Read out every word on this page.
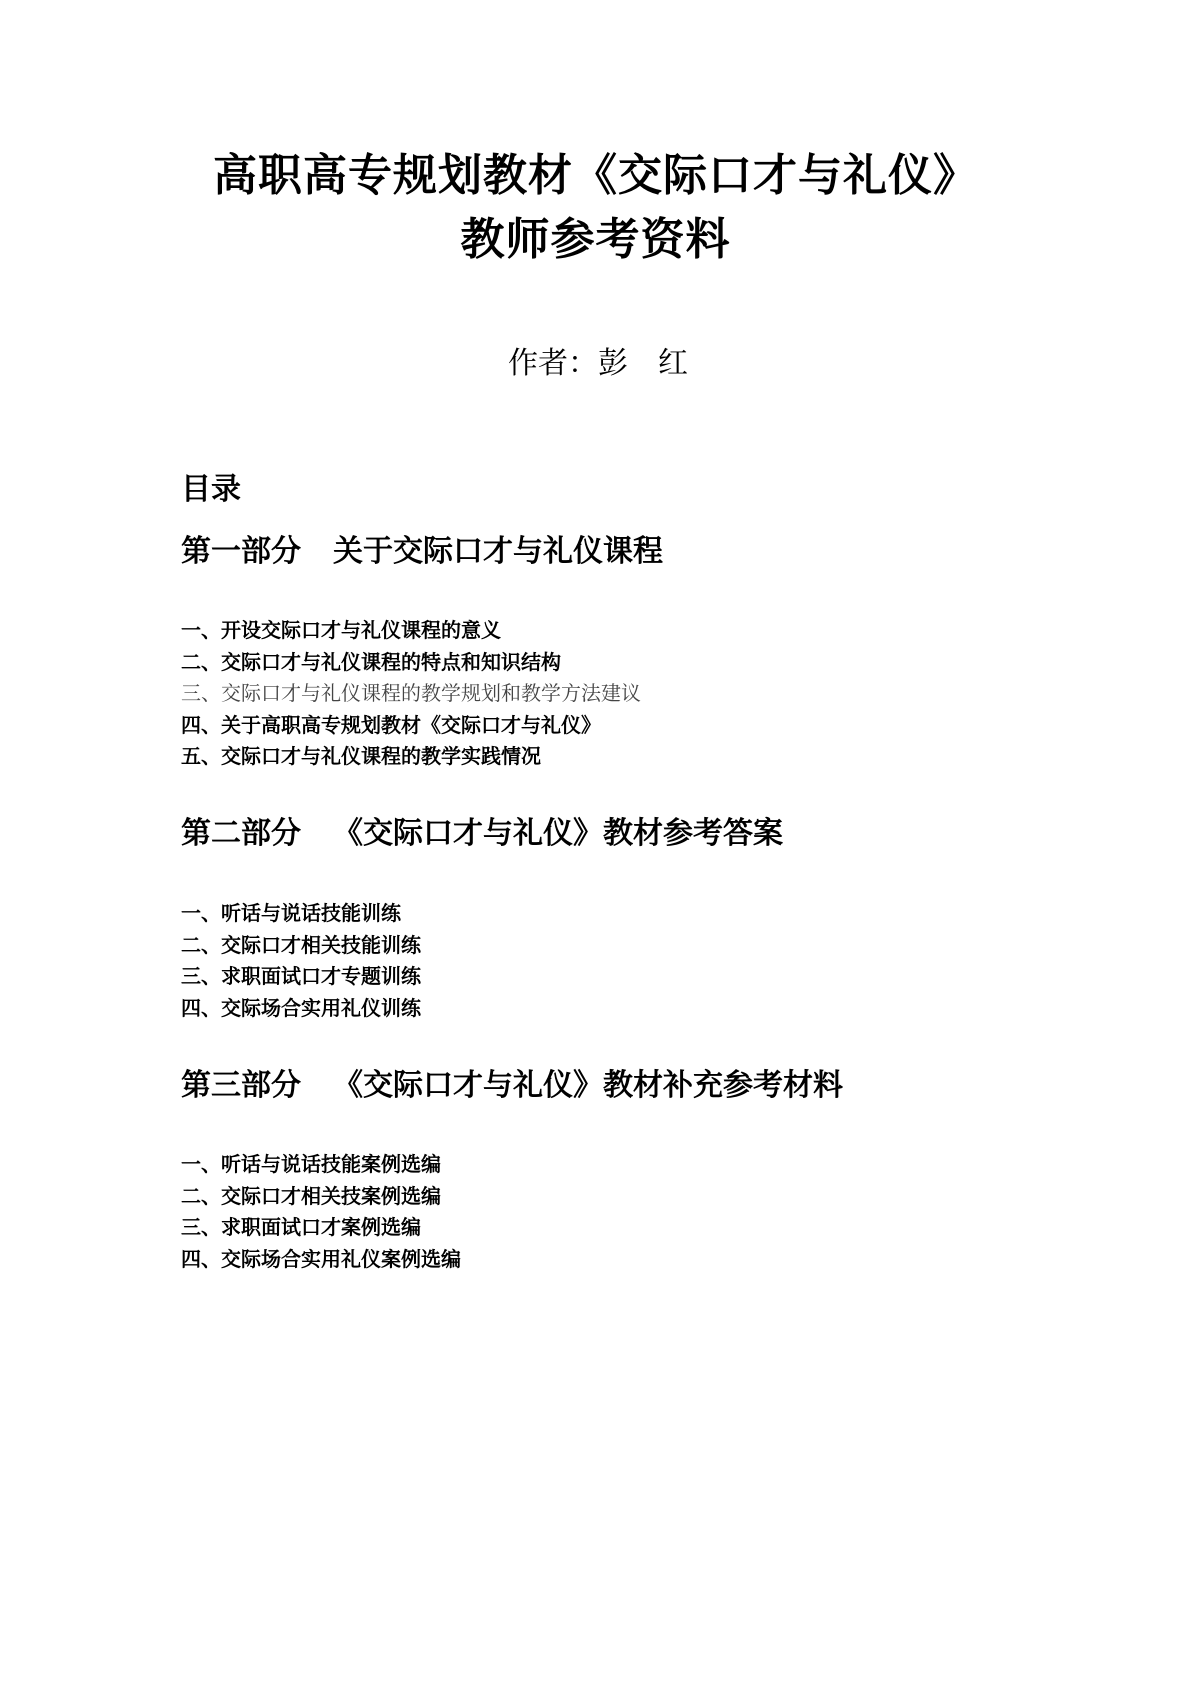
高职高专规划教材《交际口才与礼仪》
教师参考资料
作者：彭 红
目录
第一部分 关于交际口才与礼仪课程
一、开设交际口才与礼仪课程的意义
二、交际口才与礼仪课程的特点和知识结构
三、交际口才与礼仪课程的教学规划和教学方法建议
四、关于高职高专规划教材《交际口才与礼仪》
五、交际口才与礼仪课程的教学实践情况
第二部分 《交际口才与礼仪》教材参考答案
一、听话与说话技能训练
二、交际口才相关技能训练
三、求职面试口才专题训练
四、交际场合实用礼仪训练
第三部分 《交际口才与礼仪》教材补充参考材料
一、听话与说话技能案例选编
二、交际口才相关技案例选编
三、求职面试口才案例选编
四、交际场合实用礼仪案例选编
